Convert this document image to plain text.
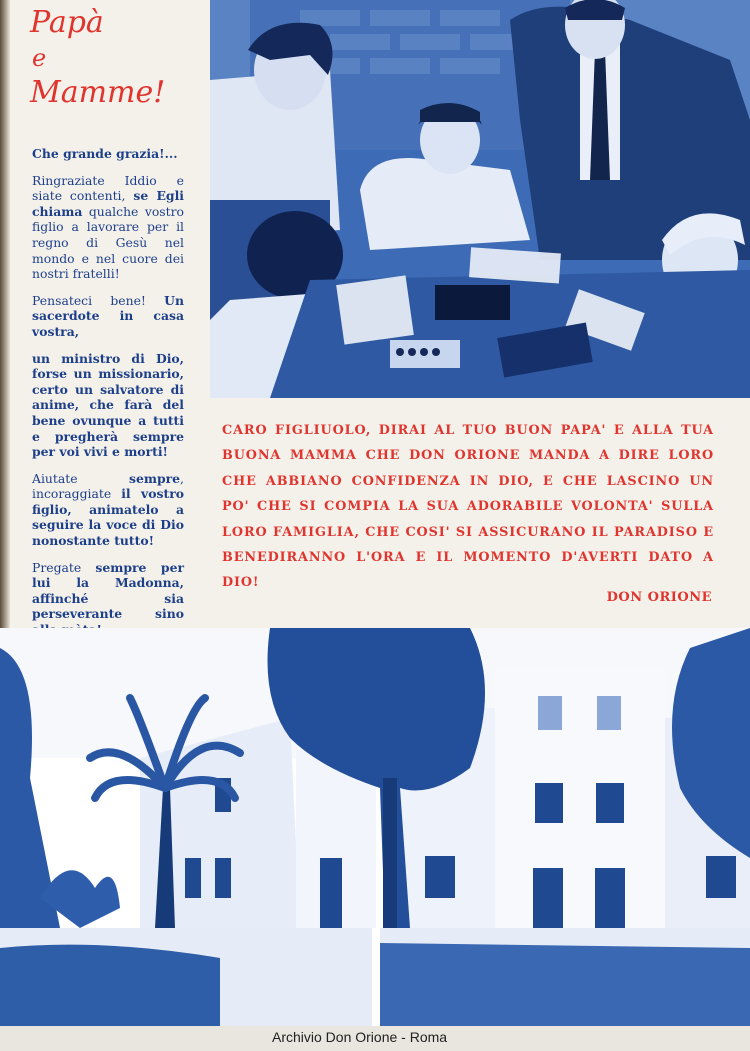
Papà
e
Mamme!

Che grande grazia!...

Ringraziate Iddio e siate contenti, se Egli chiama qualche vostro figlio a lavorare per il regno di Gesù nel mondo e nel cuore dei nostri fratelli!

Pensateci bene! Un sacerdote in casa vostra,

un ministro di Dio, forse un missionario, certo un salvatore di anime, che farà del bene ovunque a tutti e pregherà sempre per voi vivi e morti!

Aiutate sempre, incoraggiate il vostro figlio, animatelo a seguire la voce di Dio nonostante tutto!

Pregate sempre per lui la Madonna, affinché sia perseverante sino

CARO FIGLIUOLO, DIRAI AL TUO BUON PAPA' E ALLA TUA BUONA MAMMA CHE DON ORIONE MANDA A DIRE LORO CHE ABBIANO CONFIDENZA IN DIO, E CHE LASCINO UN PO' CHE SI COMPIA LA SUA ADORABILE VOLONTA' SULLA LORO FAMIGLIA, CHE COSI' SI ASSICURANO IL PARADISO E BENEDIRANNO L'ORA E IL MOMENTO D'AVERTI DATO A DIO!
DON ORIONE
Archivio Don Orione - Roma
